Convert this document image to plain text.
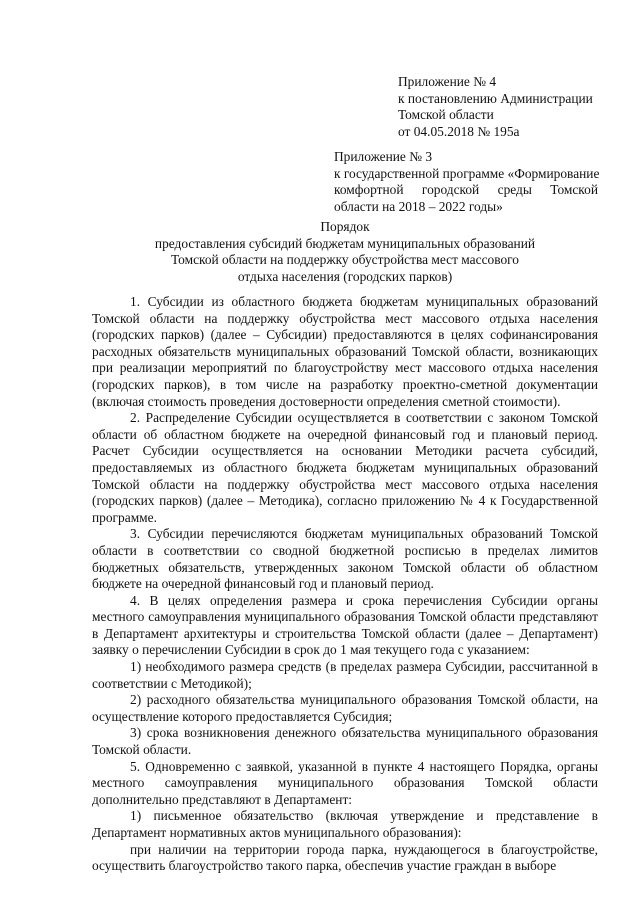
Приложение № 4
к постановлению Администрации
Томской области
от 04.05.2018 № 195а
Приложение № 3
к государственной программе «Формирование
комфортной городской среды Томской
области на 2018 – 2022 годы»
Порядок
предоставления субсидий бюджетам муниципальных образований
Томской области на поддержку обустройства мест массового
отдыха населения (городских парков)

1. Субсидии из областного бюджета бюджетам муниципальных образований Томской области на поддержку обустройства мест массового отдыха населения (городских парков) (далее – Субсидии) предоставляются в целях софинансирования расходных обязательств муниципальных образований Томской области, возникающих при реализации мероприятий по благоустройству мест массового отдыха населения (городских парков), в том числе на разработку проектно-сметной документации (включая стоимость проведения достоверности определения сметной стоимости).

2. Распределение Субсидии осуществляется в соответствии с законом Томской области об областном бюджете на очередной финансовый год и плановый период. Расчет Субсидии осуществляется на основании Методики расчета субсидий, предоставляемых из областного бюджета бюджетам муниципальных образований Томской области на поддержку обустройства мест массового отдыха населения (городских парков) (далее – Методика), согласно приложению № 4 к Государственной программе.

3. Субсидии перечисляются бюджетам муниципальных образований Томской области в соответствии со сводной бюджетной росписью в пределах лимитов бюджетных обязательств, утвержденных законом Томской области об областном бюджете на очередной финансовый год и плановый период.

4. В целях определения размера и срока перечисления Субсидии органы местного самоуправления муниципального образования Томской области представляют в Департамент архитектуры и строительства Томской области (далее – Департамент) заявку о перечислении Субсидии в срок до 1 мая текущего года с указанием:

1) необходимого размера средств (в пределах размера Субсидии, рассчитанной в соответствии с Методикой);

2) расходного обязательства муниципального образования Томской области, на осуществление которого предоставляется Субсидия;

3) срока возникновения денежного обязательства муниципального образования Томской области.

5. Одновременно с заявкой, указанной в пункте 4 настоящего Порядка, органы местного самоуправления муниципального образования Томской области дополнительно представляют в Департамент:

1) письменное обязательство (включая утверждение и представление в Департамент нормативных актов муниципального образования):

при наличии на территории города парка, нуждающегося в благоустройстве, осуществить благоустройство такого парка, обеспечив участие граждан в выборе
